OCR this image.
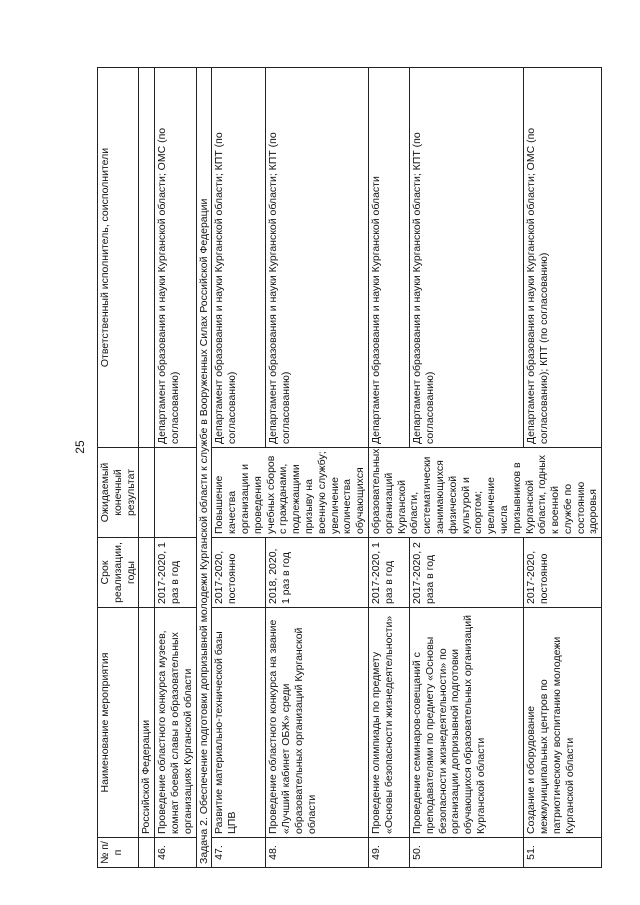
25
№ п/п	Наименование мероприятия	Срок реализации, годы	Ожидаемый конечный результат	Ответственный исполнитель, соисполнители
	Российской Федерации			
46.	Проведение областного конкурса музеев, комнат боевой славы в образовательных организациях Курганской области	2017-2020, 1 раз в год		Департамент образования и науки Курганской области; ОМС (по согласованию)
Задача 2. Обеспечение подготовки допризывной молодежи Курганской области к службе в Вооруженных Силах Российской Федерации				
47.	Развитие материально-технической базы ЦПВ	2017-2020, постоянно	Повышение качества организации и проведения учебных сборов с гражданами, подлежащими призыву на военную службу; увеличение количества обучающихся	Департамент образования и науки Курганской области; КПТ (по согласованию)
48.	Проведение областного конкурса на звание «Лучший кабинет ОБЖ» среди образовательных организаций Курганской области	2018, 2020, 1 раз в год		Департамент образования и науки Курганской области; КПТ (по согласованию)
49.	Проведение олимпиады по предмету «Основы безопасности жизнедеятельности»	2017-2020, 1 раз в год	образовательных организаций Курганской области, систематически занимающихся физической культурой и спортом; увеличение числа призывников в Курганской области, годных к военной службе по состоянию здоровья	Департамент образования и науки Курганской области
50.	Проведение семинаров-совещаний с преподавателями по предмету «Основы безопасности жизнедеятельности» по организации допризывной подготовки обучающихся образовательных организаций Курганской области	2017-2020, 2 раза в год		Департамент образования и науки Курганской области; КПТ (по согласованию)
51.	Создание и оборудование межмуниципальных центров по патриотическому воспитанию молодежи Курганской области	2017-2020, постоянно		Департамент образования и науки Курганской области; ОМС (по согласованию); КПТ (по согласованию)
